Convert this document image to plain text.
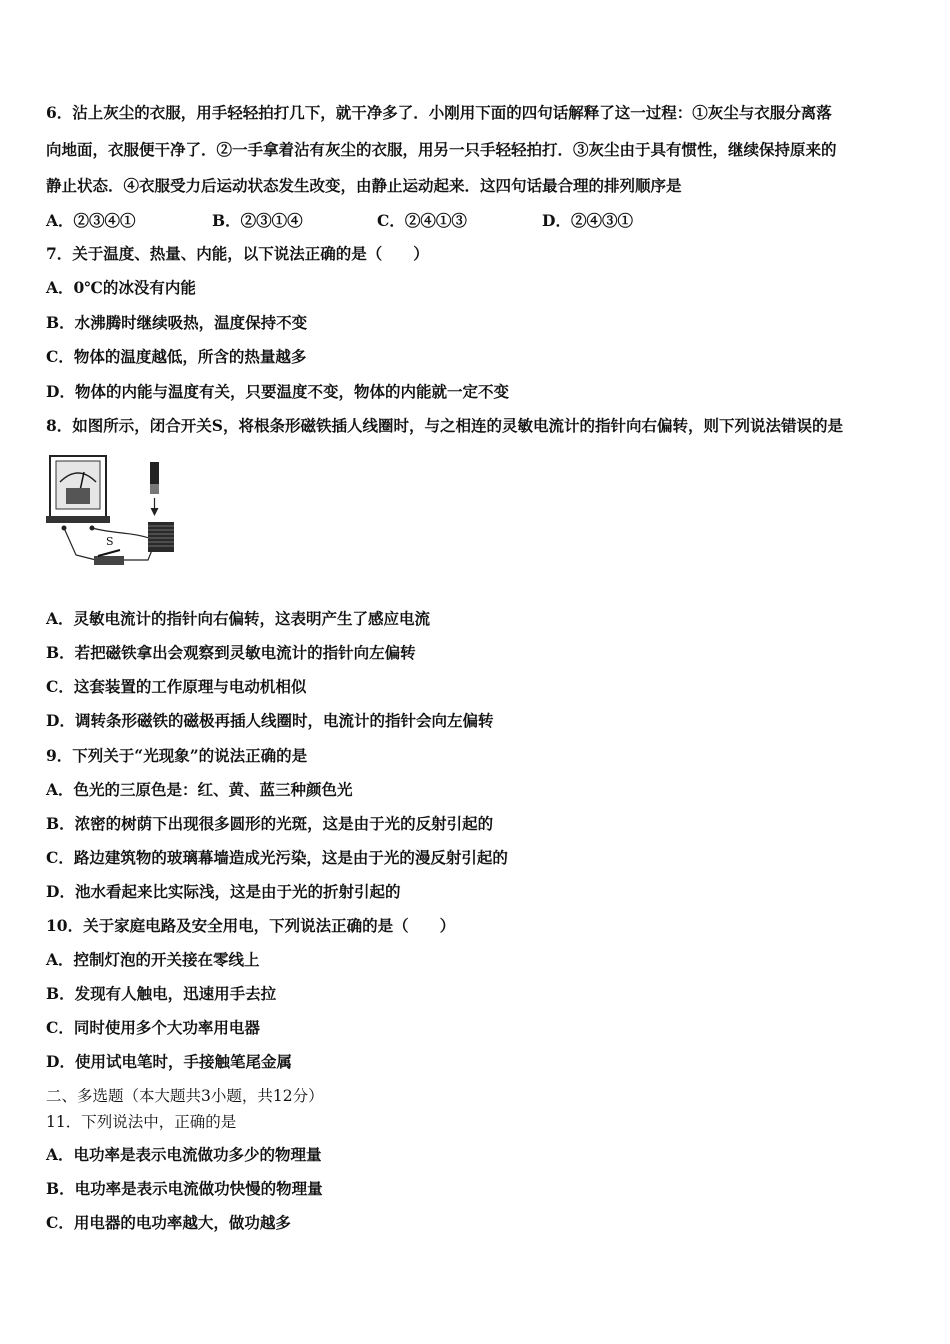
6．沾上灰尘的衣服，用手轻轻拍打几下，就干净多了．小刚用下面的四句话解释了这一过程：①灰尘与衣服分离落
向地面，衣服便干净了．②一手拿着沾有灰尘的衣服，用另一只手轻轻拍打．③灰尘由于具有惯性，继续保持原来的
静止状态．④衣服受力后运动状态发生改变，由静止运动起来．这四句话最合理的排列顺序是
A．②③④①	B．②③①④	C．②④①③	D．②④③①
7．关于温度、热量、内能，以下说法正确的是（　　）
A．0℃的冰没有内能
B．水沸腾时继续吸热，温度保持不变
C．物体的温度越低，所含的热量越多
D．物体的内能与温度有关，只要温度不变，物体的内能就一定不变
8．如图所示，闭合开关S，将根条形磁铁插人线圈时，与之相连的灵敏电流计的指针向右偏转，则下列说法错误的是
S
A．灵敏电流计的指针向右偏转，这表明产生了感应电流
B．若把磁铁拿出会观察到灵敏电流计的指针向左偏转
C．这套装置的工作原理与电动机相似
D．调转条形磁铁的磁极再插人线圈时，电流计的指针会向左偏转
9．下列关于“光现象”的说法正确的是
A．色光的三原色是：红、黄、蓝三种颜色光
B．浓密的树荫下出现很多圆形的光斑，这是由于光的反射引起的
C．路边建筑物的玻璃幕墙造成光污染，这是由于光的漫反射引起的
D．池水看起来比实际浅，这是由于光的折射引起的
10．关于家庭电路及安全用电，下列说法正确的是（　　）
A．控制灯泡的开关接在零线上
B．发现有人触电，迅速用手去拉
C．同时使用多个大功率用电器
D．使用试电笔时，手接触笔尾金属
二、多选题（本大题共3小题，共12分）
11．下列说法中，正确的是
A．电功率是表示电流做功多少的物理量
B．电功率是表示电流做功快慢的物理量
C．用电器的电功率越大，做功越多
